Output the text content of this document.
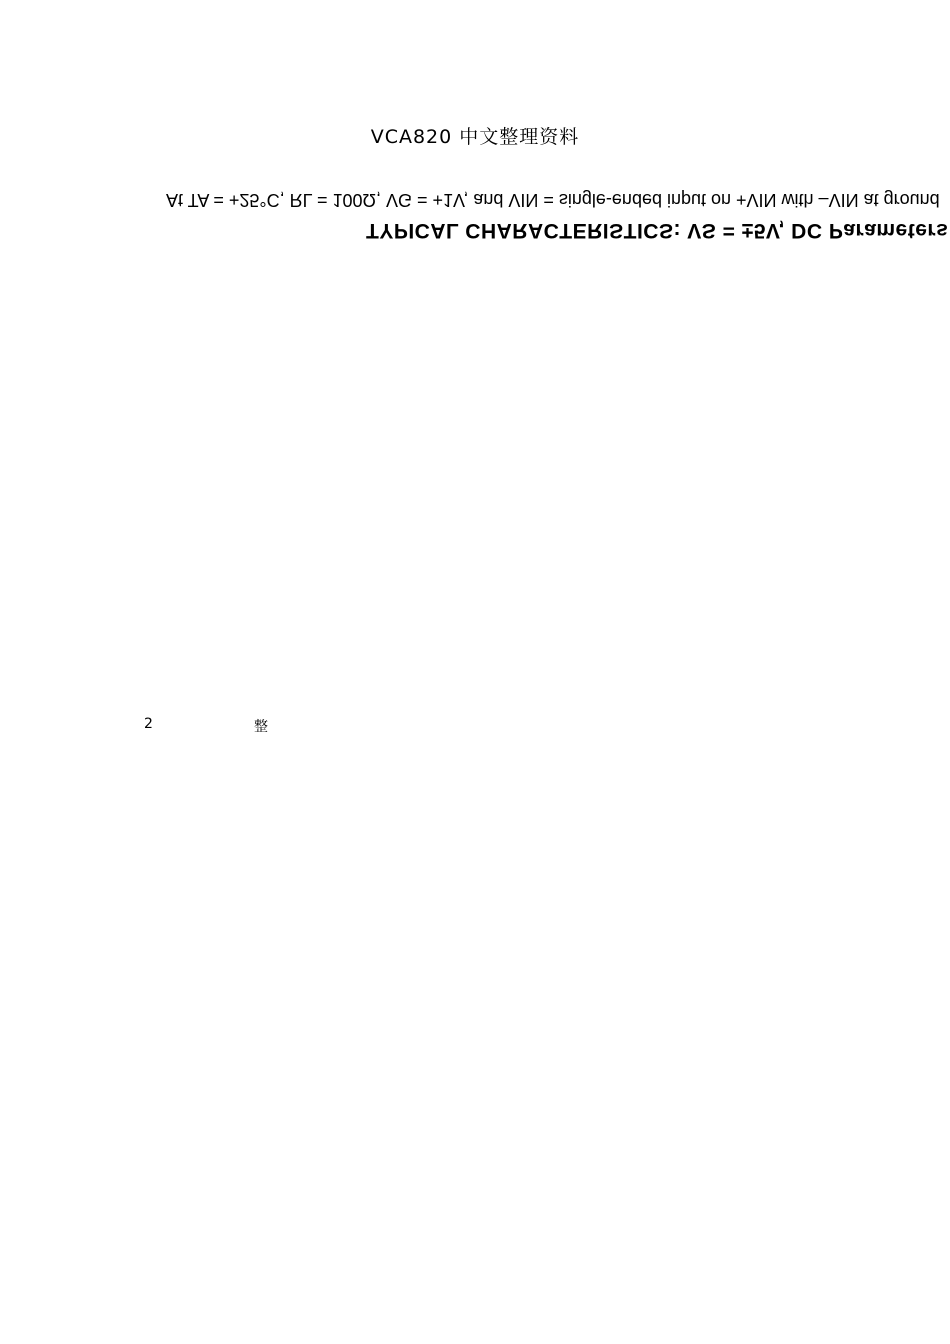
VCA820 中文整理资料
TYPICAL CHARACTERISTICS: VS = ±5V, DC Parameters
At TA = +25°C, RL = 100Ω, VG = +1V, and VIN = single-ended input on +VIN with –VIN at ground
2	整
